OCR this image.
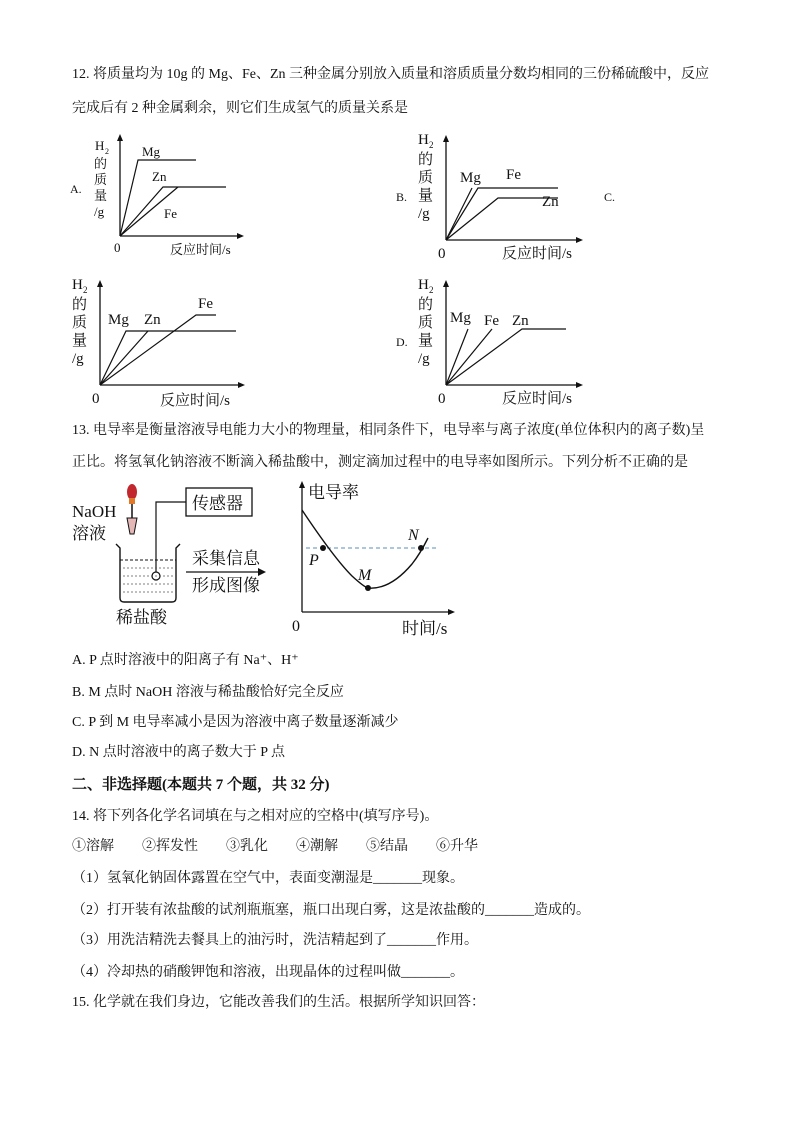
12. 将质量均为 10g 的 Mg、Fe、Zn 三种金属分别放入质量和溶质质量分数均相同的三份稀硫酸中，反应
完成后有 2 种金属剩余，则它们生成氢气的质量关系是
A.
H 2
的
质
量
/g
0	反应时间/s
Mg
Zn
Fe
B.
H 2
的
质
量
/g
0	反应时间/s
Mg Fe
Zn	C.
H 2
的
质
量
/g
0	反应时间/s
Mg Zn
Fe
D.
H 2
的
质
量
/g
0	反应时间/s
Mg Fe Zn
13. 电导率是衡量溶液导电能力大小的物理量，相同条件下，电导率与离子浓度(单位体积内的离子数)呈
正比。将氢氧化钠溶液不断滴入稀盐酸中，测定滴加过程中的电导率如图所示。下列分析不正确的是
NaOH
溶液
传感器
稀盐酸
采集信息
形成图像
电导率
0	时间/s
P
M
N
A. P 点时溶液中的阳离子有 Na⁺、H⁺
B. M 点时 NaOH 溶液与稀盐酸恰好完全反应
C. P 到 M 电导率减小是因为溶液中离子数量逐渐减少
D. N 点时溶液中的离子数大于 P 点
二、非选择题(本题共 7 个题，共 32 分)
14. 将下列各化学名词填在与之相对应的空格中(填写序号)。
①溶解　　②挥发性　　③乳化　　④潮解　　⑤结晶　　⑥升华
（1）氢氧化钠固体露置在空气中，表面变潮湿是_______现象。
（2）打开装有浓盐酸的试剂瓶瓶塞，瓶口出现白雾，这是浓盐酸的_______造成的。
（3）用洗洁精洗去餐具上的油污时，洗洁精起到了_______作用。
（4）冷却热的硝酸钾饱和溶液，出现晶体的过程叫做_______。
15. 化学就在我们身边，它能改善我们的生活。根据所学知识回答：
